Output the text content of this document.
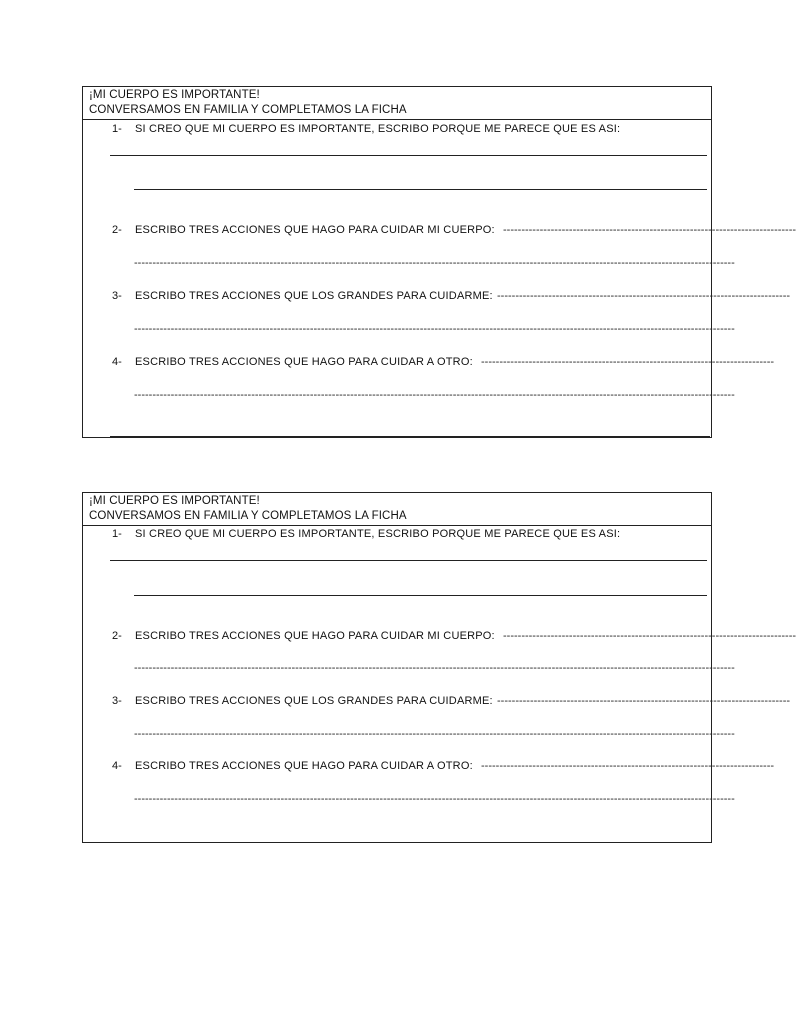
¡MI CUERPO ES IMPORTANTE!
CONVERSAMOS EN FAMILIA Y COMPLETAMOS LA FICHA
1- SI CREO QUE MI CUERPO ES IMPORTANTE, ESCRIBO PORQUE ME PARECE QUE ES ASI:
2- ESCRIBO TRES ACCIONES QUE HAGO PARA CUIDAR MI CUERPO: --------------------------------------------------------------------------------
--------------------------------------------------------------------------------------------------------------------------------------------------------------------
3- ESCRIBO TRES ACCIONES QUE LOS GRANDES PARA CUIDARME: --------------------------------------------------------------------------------
--------------------------------------------------------------------------------------------------------------------------------------------------------------------
4- ESCRIBO TRES ACCIONES QUE HAGO PARA CUIDAR A OTRO: --------------------------------------------------------------------------------
--------------------------------------------------------------------------------------------------------------------------------------------------------------------
¡MI CUERPO ES IMPORTANTE!
CONVERSAMOS EN FAMILIA Y COMPLETAMOS LA FICHA
1- SI CREO QUE MI CUERPO ES IMPORTANTE, ESCRIBO PORQUE ME PARECE QUE ES ASI:
2- ESCRIBO TRES ACCIONES QUE HAGO PARA CUIDAR MI CUERPO: --------------------------------------------------------------------------------
--------------------------------------------------------------------------------------------------------------------------------------------------------------------
3- ESCRIBO TRES ACCIONES QUE LOS GRANDES PARA CUIDARME: --------------------------------------------------------------------------------
--------------------------------------------------------------------------------------------------------------------------------------------------------------------
4- ESCRIBO TRES ACCIONES QUE HAGO PARA CUIDAR A OTRO: --------------------------------------------------------------------------------
--------------------------------------------------------------------------------------------------------------------------------------------------------------------
